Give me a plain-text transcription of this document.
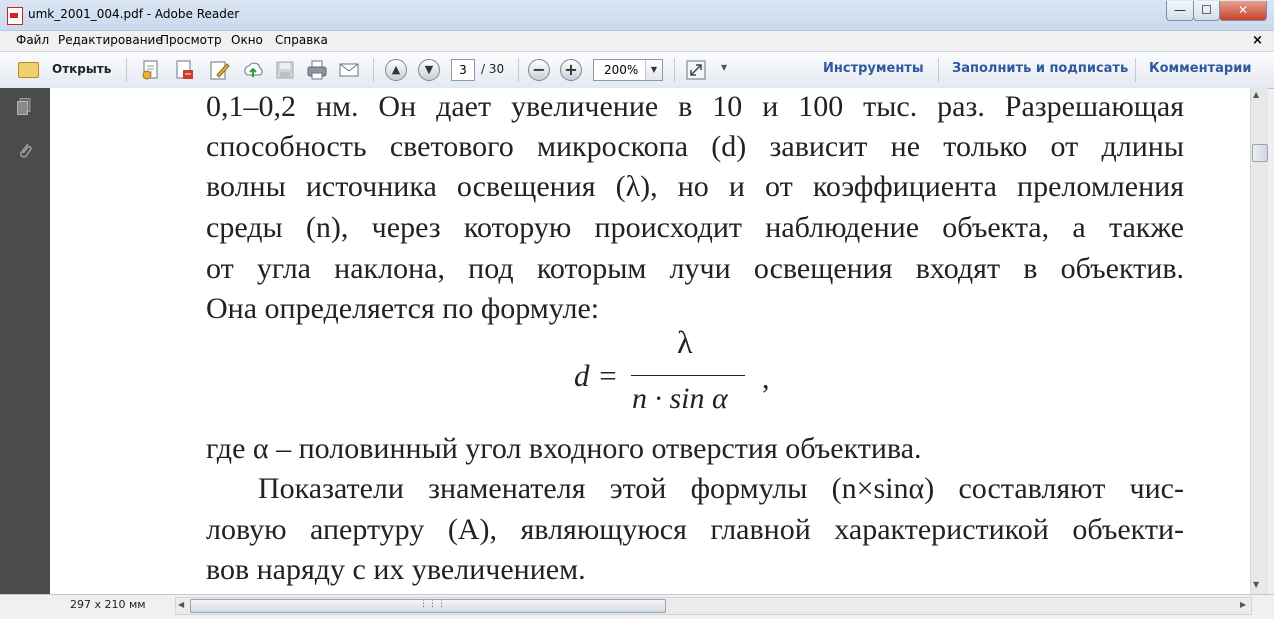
umk_2001_004.pdf - Adobe Reader	—	☐	✕
Файл Редактирование
Просмотр Окно Справка	×
Открыть	▲	▼	3	/ 30 − +	200%	▼	▼	Инструменты Заполнить и подписать Комментарии
0,1–0,2 нм. Он дает увеличение в 10 и 100 тыс. раз. Разрешающая
способность светового микроскопа (d) зависит не только от длины
волны источника освещения (λ), но и от коэффициента преломления
среды (n), через которую происходит наблюдение объекта, а также
от угла наклона, под которым лучи освещения входят в объектив.
Она определяется по формуле:
где α – половинный угол входного отверстия объектива.
Показатели знаменателя этой формулы (n×sinα) составляют чис-
ловую апертуру (A), являющуюся главной характеристикой объекти-
вов наряду с их увеличением.
d =
λ
n · sin α
,
▲
▼
297 x 210 мм	◀	⋮⋮⋮	▶
